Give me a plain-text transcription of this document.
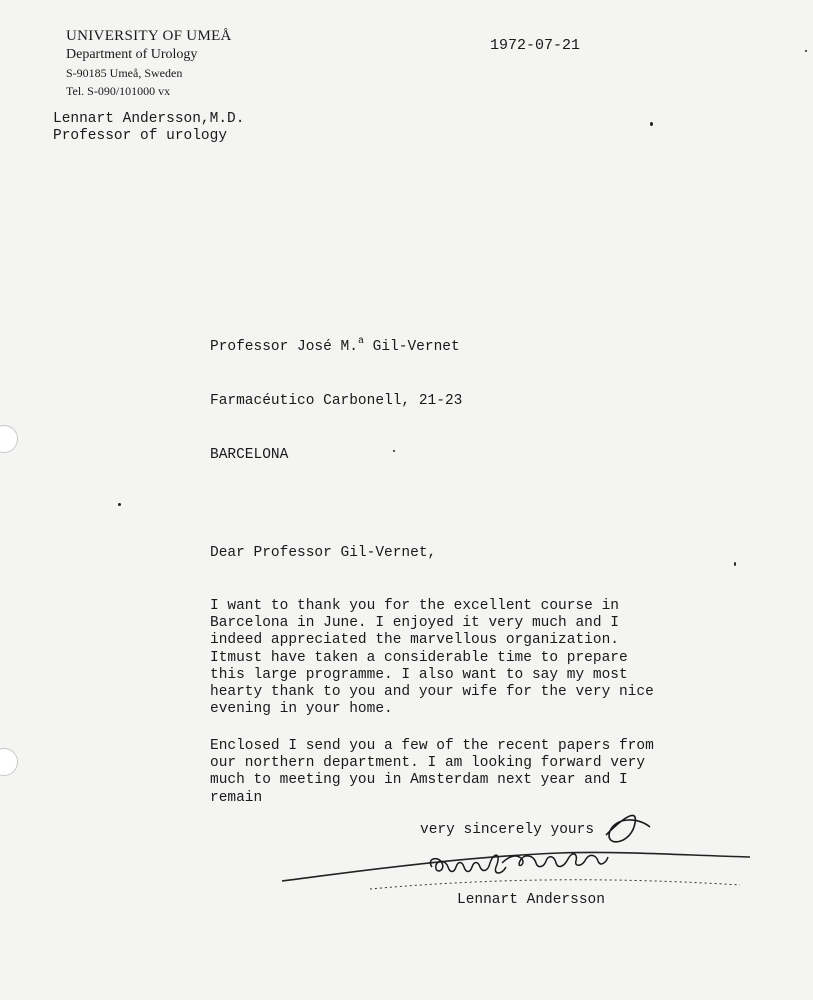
UNIVERSITY OF UMEÅ
Department of Urology
S-90185 Umeå, Sweden
Tel. S-090/101000 vx
1972-07-21
Lennart Andersson,M.D.
Professor of urology

Professor José M.$^a$ Gil-Vernet

Farmacéutico Carbonell, 21-23

BARCELONA

Dear Professor Gil-Vernet,
I want to thank you for the excellent course in
Barcelona in June. I enjoyed it very much and I
indeed appreciated the marvellous organization.
Itmust have taken a considerable time to prepare
this large programme. I also want to say my most
hearty thank to you and your wife for the very nice
evening in your home.
Enclosed I send you a few of the recent papers from
our northern department. I am looking forward very
much to meeting you in Amsterdam next year and I
remain
very sincerely yours
Lennart Andersson
